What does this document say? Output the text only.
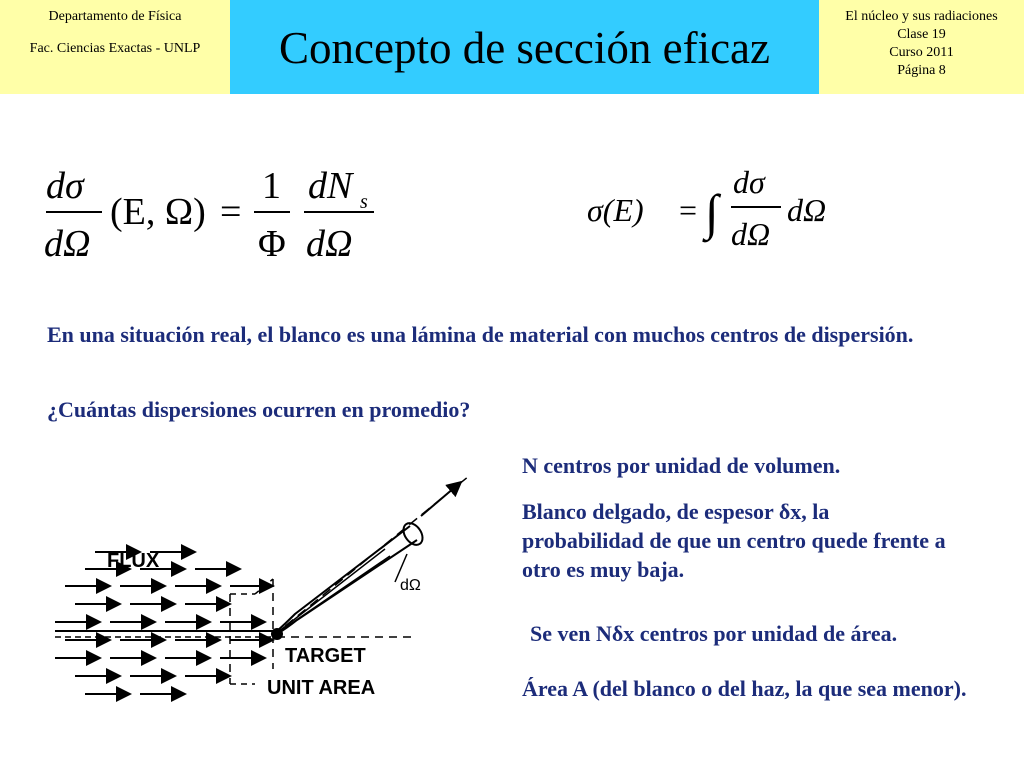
Departamento de Física
Fac. Ciencias Exactas - UNLP	Concepto de sección eficaz
El núcleo y sus radiaciones
Clase 19
Curso 2011
Página 8
dσ
dΩ
(E, Ω) =
1
Φ
dN s
dΩ
σ(E) = ∫
dσ
dΩ
dΩ
En una situación real, el blanco es una lámina de material con muchos centros de dispersión.
¿Cuántas dispersiones ocurren en promedio?
N centros por unidad de volumen.
Blanco delgado, de espesor δx, la probabilidad de que un centro quede frente a otro es muy baja.
Se ven Nδx centros por unidad de área.
Área A (del blanco o del haz, la que sea menor).
FLUX
TARGET
UNIT AREA
dΩ
